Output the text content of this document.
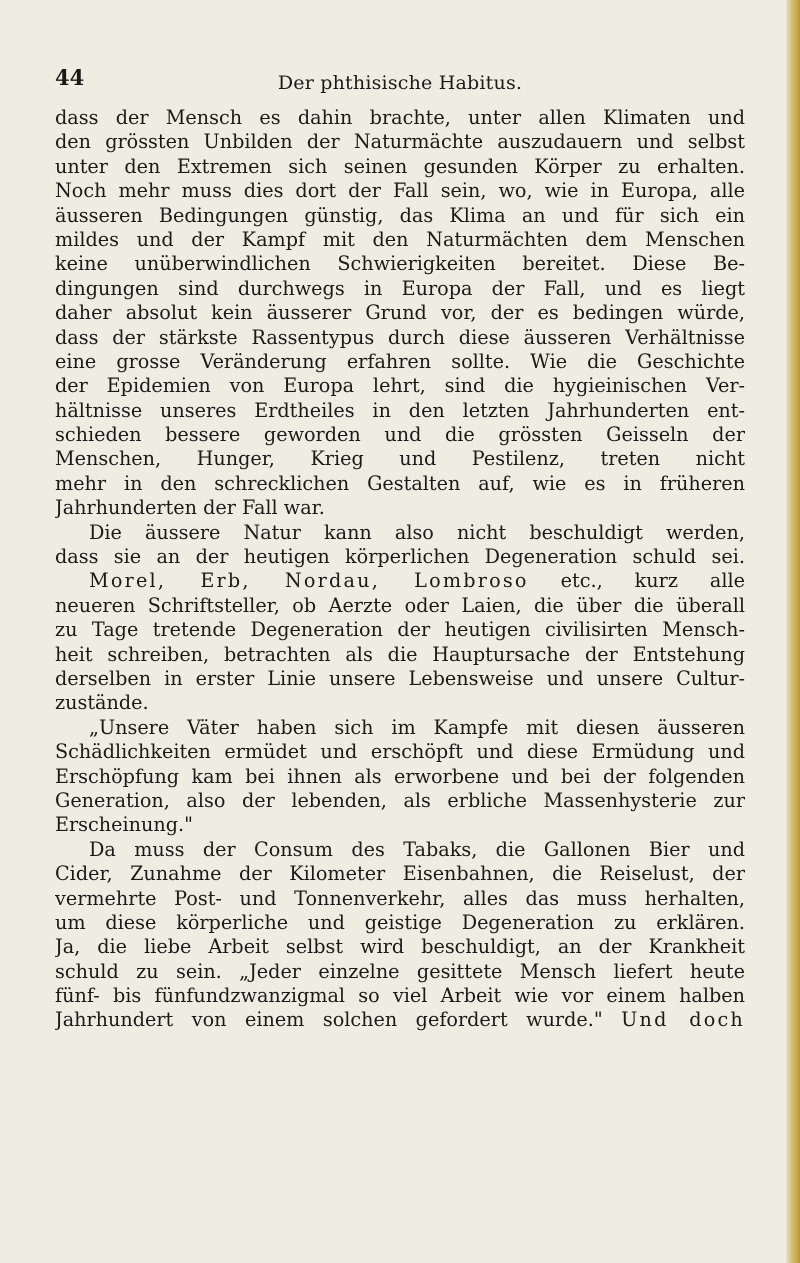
44	Der phthisische Habitus.
dass der Mensch es dahin brachte, unter allen Klimaten und
den grössten Unbilden der Naturmächte auszudauern und selbst
unter den Extremen sich seinen gesunden Körper zu erhalten.
Noch mehr muss dies dort der Fall sein, wo, wie in Europa, alle
äusseren Bedingungen günstig, das Klima an und für sich ein
mildes und der Kampf mit den Naturmächten dem Menschen
keine unüberwindlichen Schwierigkeiten bereitet. Diese Be-
dingungen sind durchwegs in Europa der Fall, und es liegt
daher absolut kein äusserer Grund vor, der es bedingen würde,
dass der stärkste Rassentypus durch diese äusseren Verhältnisse
eine grosse Veränderung erfahren sollte. Wie die Geschichte
der Epidemien von Europa lehrt, sind die hygieinischen Ver-
hältnisse unseres Erdtheiles in den letzten Jahrhunderten ent-
schieden bessere geworden und die grössten Geisseln der
Menschen, Hunger, Krieg und Pestilenz, treten nicht
mehr in den schrecklichen Gestalten auf, wie es in früheren
Jahrhunderten der Fall war.
Die äussere Natur kann also nicht beschuldigt werden,
dass sie an der heutigen körperlichen Degeneration schuld sei.
Morel, Erb, Nordau, Lombroso etc., kurz alle
neueren Schriftsteller, ob Aerzte oder Laien, die über die überall
zu Tage tretende Degeneration der heutigen civilisirten Mensch-
heit schreiben, betrachten als die Hauptursache der Entstehung
derselben in erster Linie unsere Lebensweise und unsere Cultur-
zustände.
„Unsere Väter haben sich im Kampfe mit diesen äusseren
Schädlichkeiten ermüdet und erschöpft und diese Ermüdung und
Erschöpfung kam bei ihnen als erworbene und bei der folgenden
Generation, also der lebenden, als erbliche Massenhysterie zur
Erscheinung."
Da muss der Consum des Tabaks, die Gallonen Bier und
Cider, Zunahme der Kilometer Eisenbahnen, die Reiselust, der
vermehrte Post- und Tonnenverkehr, alles das muss herhalten,
um diese körperliche und geistige Degeneration zu erklären.
Ja, die liebe Arbeit selbst wird beschuldigt, an der Krankheit
schuld zu sein. „Jeder einzelne gesittete Mensch liefert heute
fünf- bis fünfundzwanzigmal so viel Arbeit wie vor einem halben
Jahrhundert von einem solchen gefordert wurde." Und doch
